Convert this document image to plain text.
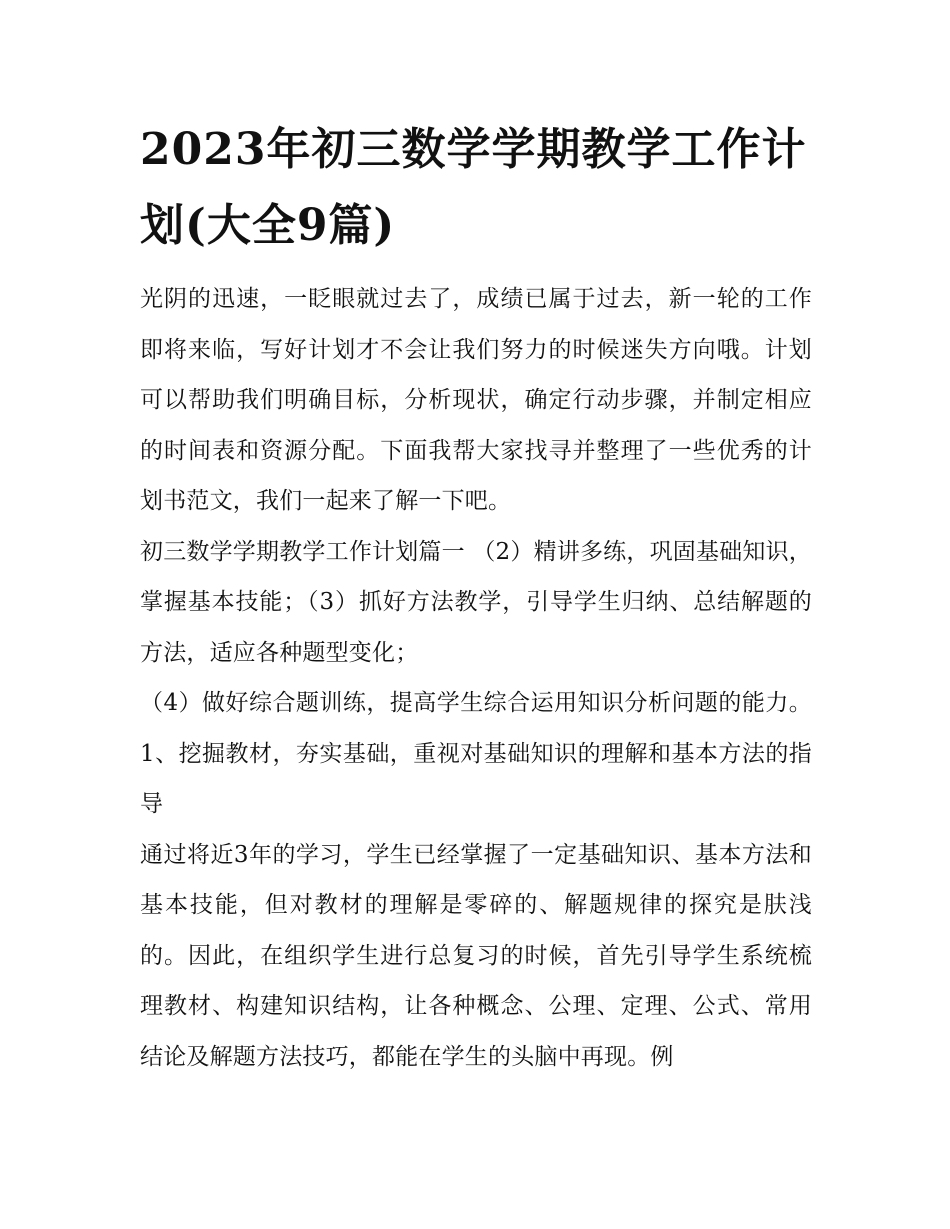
2023年初三数学学期教学工作计划(大全9篇)

光阴的迅速，一眨眼就过去了，成绩已属于过去，新一轮的工作即将来临，写好计划才不会让我们努力的时候迷失方向哦。计划可以帮助我们明确目标，分析现状，确定行动步骤，并制定相应的时间表和资源分配。下面我帮大家找寻并整理了一些优秀的计划书范文，我们一起来了解一下吧。

初三数学学期教学工作计划篇一 （2）精讲多练，巩固基础知识，掌握基本技能；（3）抓好方法教学，引导学生归纳、总结解题的方法，适应各种题型变化；

（4）做好综合题训练，提高学生综合运用知识分析问题的能力。 1、挖掘教材，夯实基础，重视对基础知识的理解和基本方法的指导

通过将近3年的学习，学生已经掌握了一定基础知识、基本方法和基本技能，但对教材的理解是零碎的、解题规律的探究是肤浅的。因此，在组织学生进行总复习的时候，首先引导学生系统梳理教材、构建知识结构，让各种概念、公理、定理、公式、常用结论及解题方法技巧，都能在学生的头脑中再现。例
